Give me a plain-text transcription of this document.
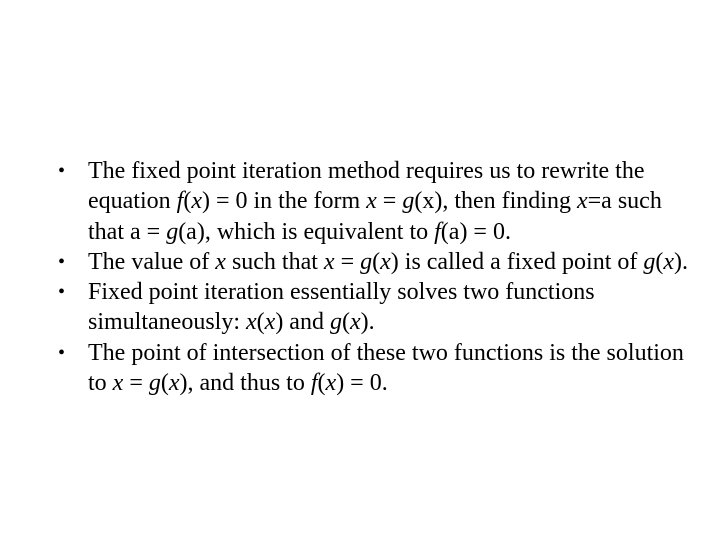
• The fixed point iteration method requires us to rewrite the equation f(x) = 0 in the form x = g(x), then finding x=a such that a = g(a), which is equivalent to f(a) = 0.
• The value of x such that x = g(x) is called a fixed point of g(x).
• Fixed point iteration essentially solves two functions simultaneously: x(x) and g(x).
• The point of intersection of these two functions is the solution to x = g(x), and thus to f(x) = 0.
